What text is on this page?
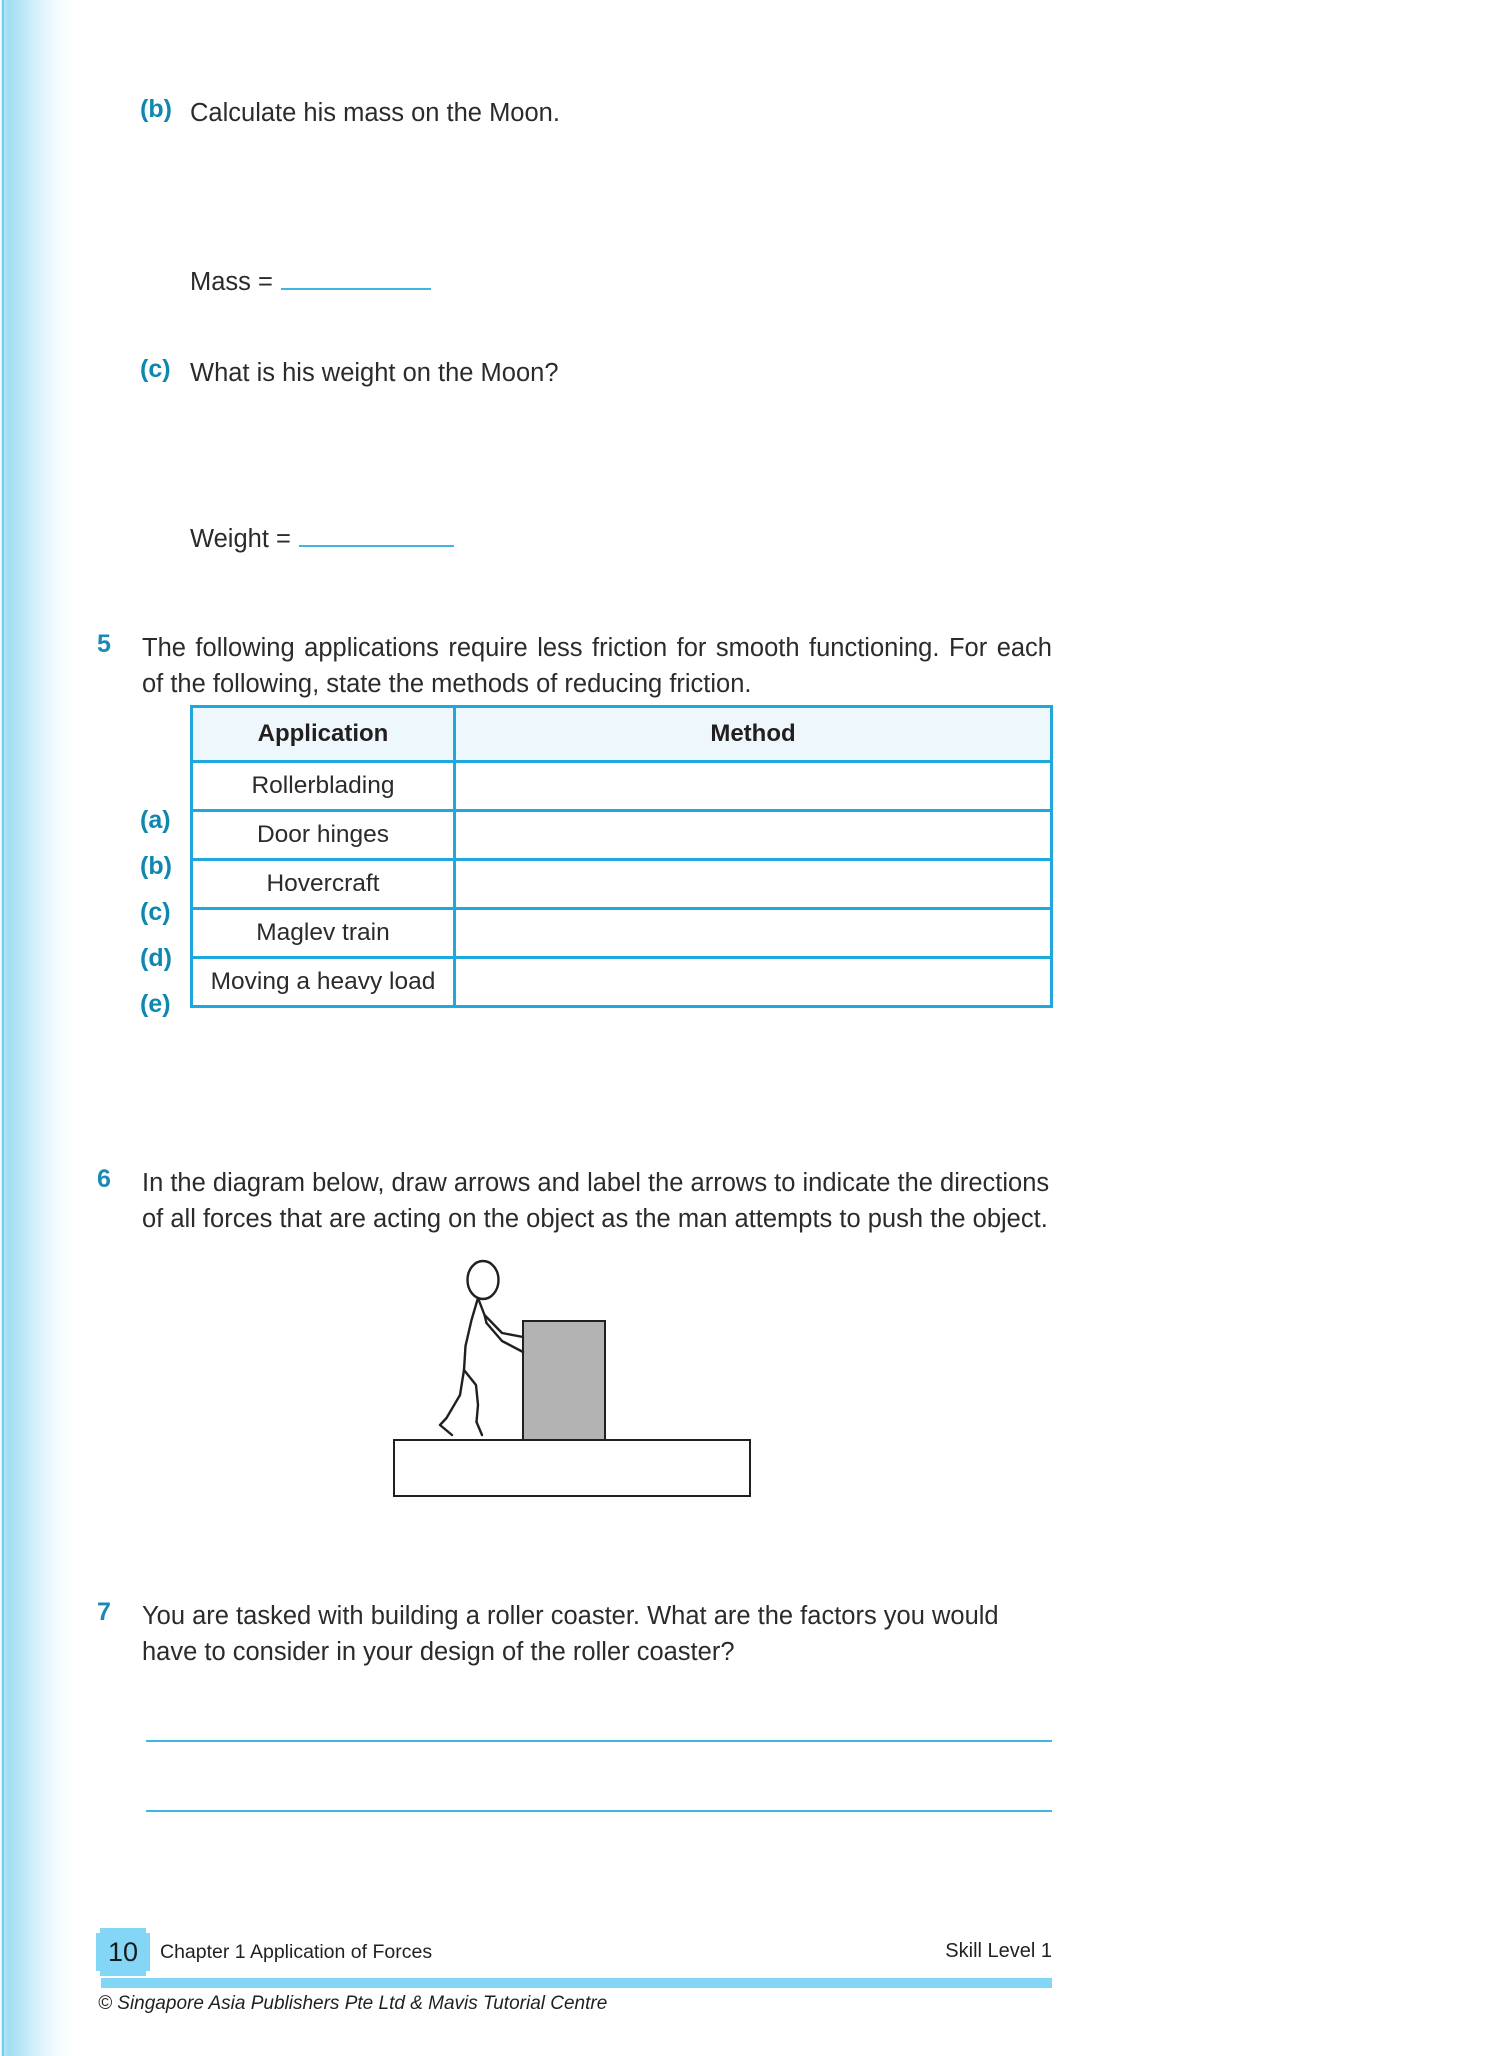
(b) Calculate his mass on the Moon.
Mass =
(c) What is his weight on the Moon?
Weight =
5	The following applications require less friction for smooth functioning. For each of the following, state the methods of reducing friction.
Application	Method
Rollerblading	
Door hinges	
Hovercraft	
Maglev train	
Moving a heavy load	
(a)
(b)
(c)
(d)
(e)
6	In the diagram below, draw arrows and label the arrows to indicate the directions of all forces that are acting on the object as the man attempts to push the object.
7	You are tasked with building a roller coaster. What are the factors you would have to consider in your design of the roller coaster?
10 Chapter 1 Application of Forces	Skill Level 1
© Singapore Asia Publishers Pte Ltd & Mavis Tutorial Centre
